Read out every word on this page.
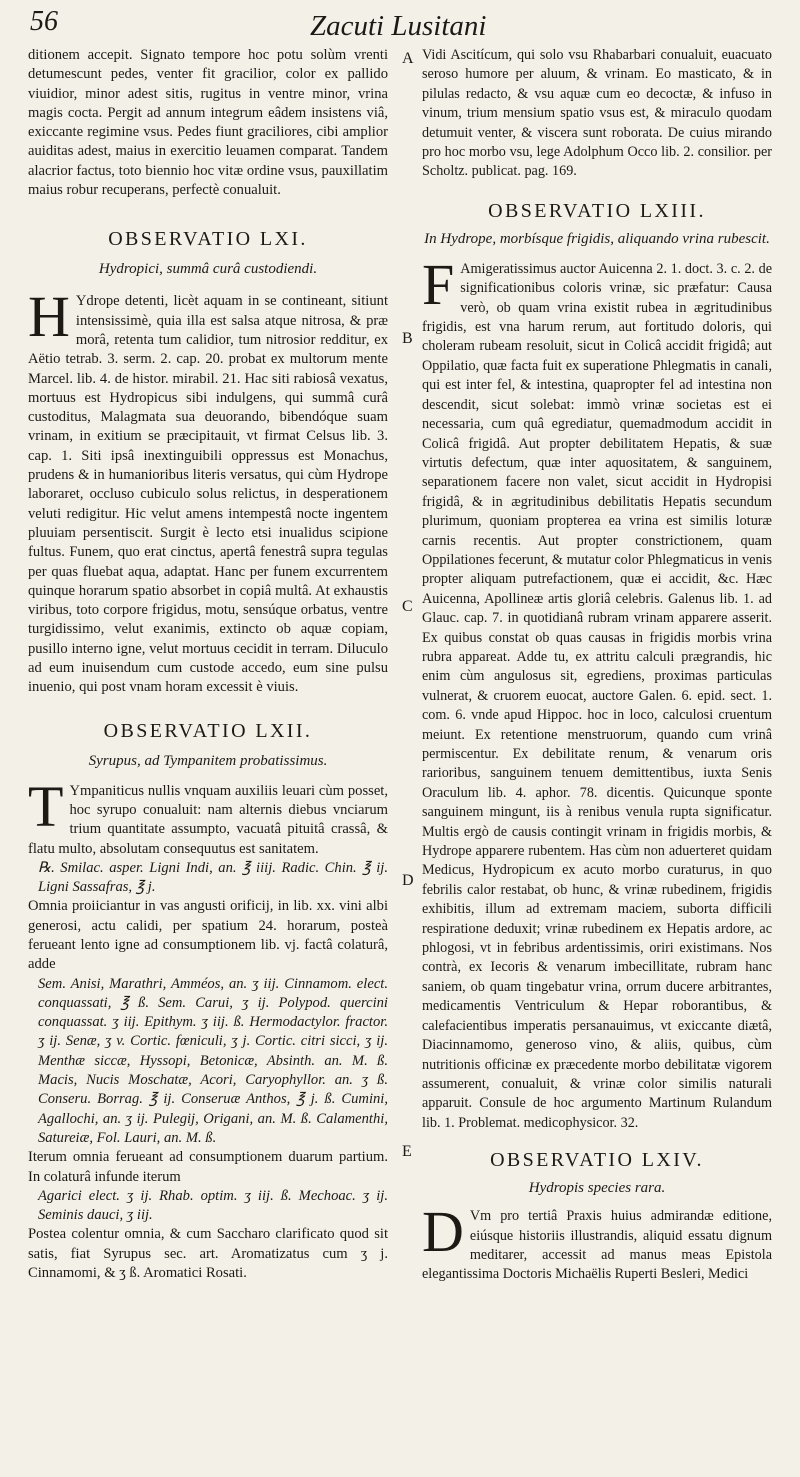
56	Zacuti Lusitani

ditionem accepit. Signato tempore hoc potu solùm vrenti detumescunt pedes, venter fit gracilior, color ex pallido viuidior, minor adest sitis, rugitus in ventre minor, vrina magis cocta. Pergit ad annum integrum eâdem insistens viâ, exiccante regimine vsus. Pedes fiunt graciliores, cibi amplior auiditas adest, maius in exercitio leuamen comparat. Tandem alacrior factus, toto biennio hoc vitæ ordine vsus, pauxillatim maius robur recuperans, perfectè conualuit.

OBSERVATIO LXI.
Hydropici, summâ curâ custodiendi.

H Ydrope detenti, licèt aquam in se contineant, sitiunt intensissimè, quia illa est salsa atque nitrosa, & præ morâ, retenta tum calidior, tum nitrosior redditur, ex Aëtio tetrab. 3. serm. 2. cap. 20. probat ex multorum mente Marcel. lib. 4. de histor. mirabil. 21. Hac siti rabiosâ vexatus, mortuus est Hydropicus sibi indulgens, qui summâ curâ custoditus, Malagmata sua deuorando, bibendóque suam vrinam, in exitium se præcipitauit, vt firmat Celsus lib. 3. cap. 1. Siti ipsâ inextinguibili oppressus est Monachus, prudens & in humanioribus literis versatus, qui cùm Hydrope laboraret, occluso cubiculo solus relictus, in desperationem veluti redigitur. Hic velut amens intempestâ nocte ingentem pluuiam persentiscit. Surgit è lecto etsi inualidus scipione fultus. Funem, quo erat cinctus, apertâ fenestrâ supra tegulas per quas fluebat aqua, adaptat. Hanc per funem excurrentem quinque horarum spatio absorbet in copiâ multâ. At exhaustis viribus, toto corpore frigidus, motu, sensúque orbatus, ventre turgidissimo, velut exanimis, extincto ob aquæ copiam, pusillo interno igne, velut mortuus cecidit in terram. Diluculo ad eum inuisendum cum custode accedo, eum sine pulsu inuenio, qui post vnam horam excessit è viuis.

OBSERVATIO LXII.
Syrupus, ad Tympanitem probatissimus.

T Ympaniticus nullis vnquam auxiliis leuari cùm posset, hoc syrupo conualuit: nam alternis diebus vnciarum trium quantitate assumpto, vacuatâ pituitâ crassâ, & flatu multo, absolutam consequutus est sanitatem.

℞. Smilac. asper. Ligni Indi, an. ℥ iiij. Radic. Chin. ℥ ij. Ligni Sassafras, ℥ j.

Omnia proiiciantur in vas angusti orificij, in lib. xx. vini albi generosi, actu calidi, per spatium 24. horarum, posteà ferueant lento igne ad consumptionem lib. vj. factâ colaturâ, adde

Sem. Anisi, Marathri, Amméos, an. ʒ iij. Cinnamom. elect. conquassati, ℥ ß. Sem. Carui, ʒ ij. Polypod. quercini conquassat. ʒ iij. Epithym. ʒ iij. ß. Hermodactylor. fractor. ʒ ij. Senæ, ʒ v. Cortic. fœniculi, ʒ j. Cortic. citri sicci, ʒ ij. Menthæ siccæ, Hyssopi, Betonicæ, Absinth. an. M. ß. Macis, Nucis Moschatæ, Acori, Caryophyllor. an. ʒ ß. Conseru. Borrag. ℥ ij. Conseruæ Anthos, ℥ j. ß. Cumini, Agallochi, an. ʒ ij. Pulegij, Origani, an. M. ß. Calamenthi, Satureiæ, Fol. Lauri, an. M. ß.

Iterum omnia ferueant ad consumptionem duarum partium. In colaturâ infunde iterum

Agarici elect. ʒ ij. Rhab. optim. ʒ iij. ß. Mechoac. ʒ ij. Seminis dauci, ʒ iij.

Postea colentur omnia, & cum Saccharo clarificato quod sit satis, fiat Syrupus sec. art. Aromatizatus cum ʒ j. Cinnamomi, & ʒ ß. Aromatici Rosati.

A
B
C
D
E

Vidi Ascitícum, qui solo vsu Rhabarbari conualuit, euacuato seroso humore per aluum, & vrinam. Eo masticato, & in pilulas redacto, & vsu aquæ cum eo decoctæ, & infuso in vinum, trium mensium spatio vsus est, & miraculo quodam detumuit venter, & viscera sunt roborata. De cuius mirando pro hoc morbo vsu, lege Adolphum Occo lib. 2. consilior. per Scholtz. publicat. pag. 169.

OBSERVATIO LXIII.
In Hydrope, morbísque frigidis, aliquando vrina rubescit.

F Amigeratissimus auctor Auicenna 2. 1. doct. 3. c. 2. de significationibus coloris vrinæ, sic præfatur: Causa verò, ob quam vrina existit rubea in ægritudinibus frigidis, est vna harum rerum, aut fortitudo doloris, qui choleram rubeam resoluit, sicut in Colicâ accidit frigidâ; aut Oppilatio, quæ facta fuit ex superatione Phlegmatis in canali, qui est inter fel, & intestina, quapropter fel ad intestina non descendit, sicut solebat: immò vrinæ societas est ei necessaria, cum quâ egrediatur, quemadmodum accidit in Colicâ frigidâ. Aut propter debilitatem Hepatis, & suæ virtutis defectum, quæ inter aquositatem, & sanguinem, separationem facere non valet, sicut accidit in Hydropisi frigidâ, & in ægritudinibus debilitatis Hepatis secundum plurimum, quoniam propterea ea vrina est similis loturæ carnis recentis. Aut propter constrictionem, quam Oppilationes fecerunt, & mutatur color Phlegmaticus in venis propter aliquam putrefactionem, quæ ei accidit, &c. Hæc Auicenna, Apollineæ artis gloriâ celebris. Galenus lib. 1. ad Glauc. cap. 7. in quotidianâ rubram vrinam apparere asserit. Ex quibus constat ob quas causas in frigidis morbis vrina rubra appareat. Adde tu, ex attritu calculi prægrandis, hic enim cùm angulosus sit, egrediens, proximas particulas vulnerat, & cruorem euocat, auctore Galen. 6. epid. sect. 1. com. 6. vnde apud Hippoc. hoc in loco, calculosi cruentum meiunt. Ex retentione menstruorum, quando cum vrinâ permiscentur. Ex debilitate renum, & venarum oris rarioribus, sanguinem tenuem demittentibus, iuxta Senis Oraculum lib. 4. aphor. 78. dicentis. Quicunque sponte sanguinem mingunt, iis à renibus venula rupta significatur. Multis ergò de causis contingit vrinam in frigidis morbis, & Hydrope apparere rubentem. Has cùm non aduerteret quidam Medicus, Hydropicum ex acuto morbo curaturus, in quo febrilis calor restabat, ob hunc, & vrinæ rubedinem, frigidis exhibitis, illum ad extremam maciem, suborta difficili respiratione deduxit; vrinæ rubedinem ex Hepatis ardore, ac phlogosi, vt in febribus ardentissimis, oriri existimans. Nos contrà, ex Iecoris & venarum imbecillitate, rubram hanc saniem, ob quam tingebatur vrina, orrum ducere arbitrantes, medicamentis Ventriculum & Hepar roborantibus, & calefacientibus imperatis persanauimus, vt exiccante diætâ, Diacinnamomo, generoso vino, & aliis, quibus, cùm nutritionis officinæ ex præcedente morbo debilitatæ vigorem assumerent, conualuit, & vrinæ color similis naturali apparuit. Consule de hoc argumento Martinum Rulandum lib. 1. Problemat. medicophysicor. 32.

OBSERVATIO LXIV.
Hydropis species rara.

D Vm pro tertiâ Praxis huius admirandæ editione, eiúsque historiis illustrandis, aliquid essatu dignum meditarer, accessit ad manus meas Epistola elegantissima Doctoris Michaëlis Ruperti Besleri, Medici
